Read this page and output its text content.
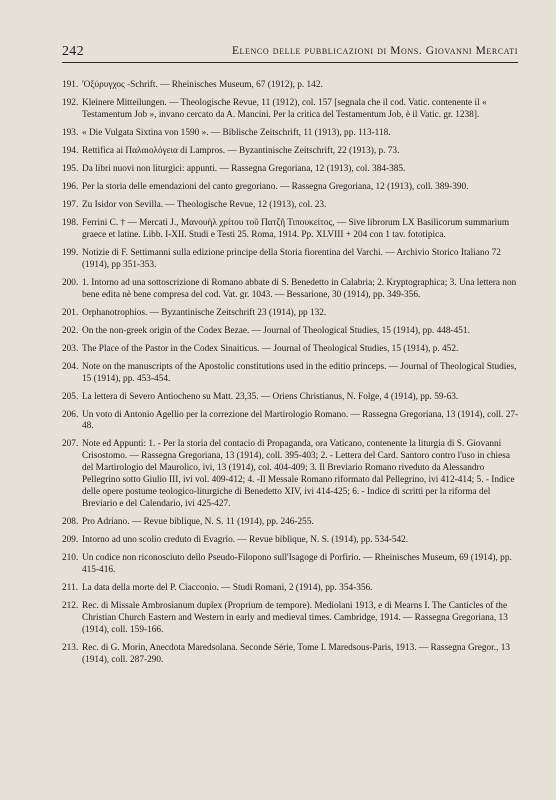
242	Elenco delle pubblicazioni di Mons. Giovanni Mercati
191. 'Οξύρυγχος -Schrift. — Rheinisches Museum, 67 (1912), p. 142.
192. Kleinere Mitteilungen. — Theologische Revue, 11 (1912), col. 157 [segnala che il cod. Vatic. contenente il « Testamentum Job », invano cercato da A. Mancini. Per la critica del Testamentum Job, è il Vatic. gr. 1238].
193. « Die Vulgata Sixtina von 1590 ». — Biblische Zeitschrift, 11 (1913), pp. 113-118.
194. Rettifica ai Παλαιολόγεια di Lampros. — Byzantinische Zeitschrift, 22 (1913), p. 73.
195. Da libri nuovi non liturgici: appunti. — Rassegna Gregoriana, 12 (1913), col. 384-385.
196. Per la storia delle emendazioni del canto gregoriano. — Rassegna Gregoriana, 12 (1913), coll. 389-390.
197. Zu Isidor von Sevilla. — Theologische Revue, 12 (1913), col. 23.
198. Ferrini C. † — Mercati J., Μανουὴλ χρίτου τοῦ Πατζῆ Τιπουκείτος, — Sive librorum LX Basilicorum summarium graece et latine. Libb. I-XII. Studi e Testi 25. Roma, 1914. Pp. XLVIII + 204 con 1 tav. fototipica.
199. Notizie di F. Settimanni sulla edizione principe della Storia fiorentina del Varchi. — Archivio Storico Italiano 72 (1914), pp 351-353.
200. 1. Intorno ad una sottoscrizione di Romano abbate di S. Benedetto in Calabria; 2. Kryptographica; 3. Una lettera non bene edita nè bene compresa del cod. Vat. gr. 1043. — Bessarione, 30 (1914), pp. 349-356.
201. Orphanotrophios. — Byzantinische Zeitschrift 23 (1914), pp 132.
202. On the non-greek origin of the Codex Bezae. — Journal of Theological Studies, 15 (1914), pp. 448-451.
203. The Place of the Pastor in the Codex Sinaiticus. — Journal of Theological Studies, 15 (1914), p. 452.
204. Note on the manuscripts of the Apostolic constitutions used in the editio princeps. — Journal of Theological Studies, 15 (1914), pp. 453-454.
205. La lettera di Severo Antiocheno su Matt. 23,35. — Oriens Christianus, N. Folge, 4 (1914), pp. 59-63.
206. Un voto di Antonio Agellio per la correzione del Martirologio Romano. — Rassegna Gregoriana, 13 (1914), coll. 27-48.
207. Note ed Appunti: 1. - Per la storia del contacio di Propaganda, ora Vaticano, contenente la liturgia di S. Giovanni Crisostomo. — Rassegna Gregoriana, 13 (1914), coll. 395-403; 2. - Lettera del Card. Santoro contro l'uso in chiesa del Martirologio del Maurolico, ivi, 13 (1914), col. 404-409; 3. Il Breviario Romano riveduto da Alessandro Pellegrino sotto Giulio III, ivi vol. 409-412; 4. -Il Messale Romano riformato dal Pellegrino, ivi 412-414; 5. - Indice delle opere postume teologico-liturgiche di Benedetto XIV, ivi 414-425; 6. - Indice di scritti per la riforma del Breviario e del Calendario, ivi 425-427.
208. Pro Adriano. — Revue biblique, N. S. 11 (1914), pp. 246-255.
209. Intorno ad uno scolio creduto di Evagrio. — Revue biblique, N. S. (1914), pp. 534-542.
210. Un codice non riconosciuto dello Pseudo-Filopono sull'Isagoge di Porfirio. — Rheinisches Museum, 69 (1914), pp. 415-416.
211. La data della morte del P. Ciacconio. — Studi Romani, 2 (1914), pp. 354-356.
212. Rec. di Missale Ambrosianum duplex (Proprium de tempore). Mediolani 1913, e di Mearns I. The Canticles of the Christian Church Eastern and Western in early and medieval times. Cambridge, 1914. — Rassegna Gregoriana, 13 (1914), coll. 159-166.
213. Rec. di G. Morin, Anecdota Maredsolana. Seconde Série, Tome I. Maredsous-Paris, 1913. — Rassegna Gregor., 13 (1914), coll. 287-290.
